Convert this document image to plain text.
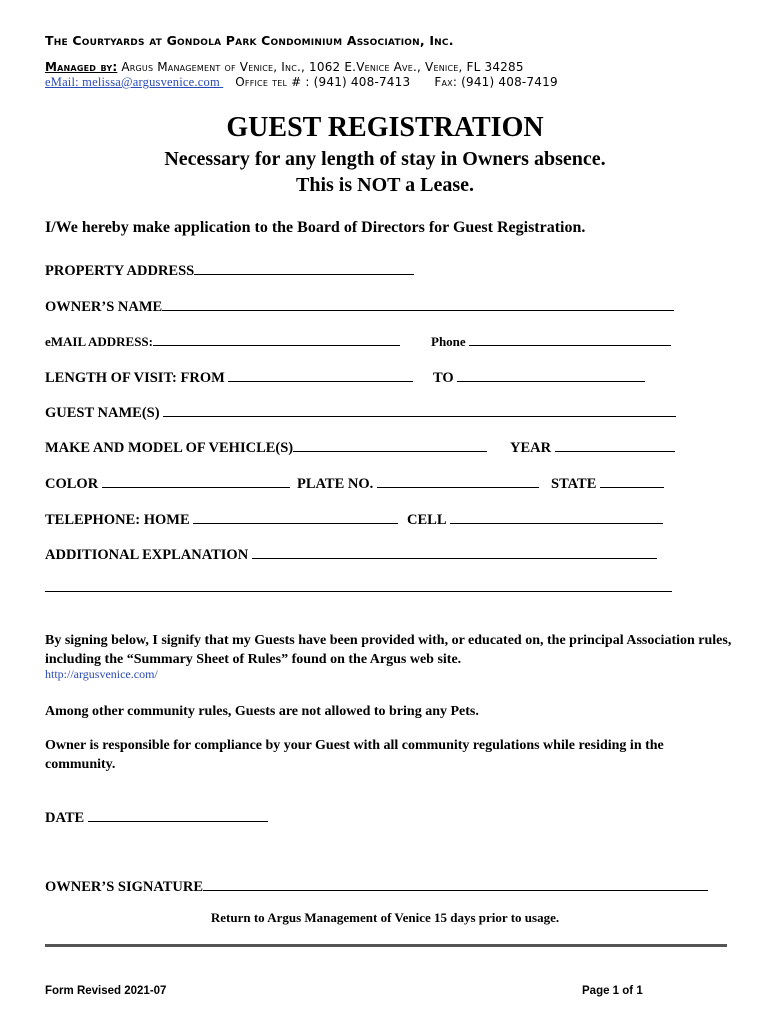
The Courtyards at Gondola Park Condominium Association, Inc.
Managed by: Argus Management of Venice, Inc., 1062 E.Venice Ave., Venice, FL 34285
eMail: melissa@argusvenice.com    Office tel # : (941) 408-7413 Fax: (941) 408-7419
GUEST REGISTRATION
Necessary for any length of stay in Owners absence.
This is NOT a Lease.
I/We hereby make application to the Board of Directors for Guest Registration.
PROPERTY ADDRESS
OWNER’S NAME
eMAIL ADDRESS:	Phone
LENGTH OF VISIT: FROM	TO
GUEST NAME(S)
MAKE AND MODEL OF VEHICLE(S)	YEAR
COLOR	PLATE NO.	STATE
TELEPHONE: HOME	CELL
ADDITIONAL EXPLANATION
By signing below, I signify that my Guests have been provided with, or educated on, the principal Association rules, including the “Summary Sheet of Rules” found on the Argus web site.
http://argusvenice.com/
Among other community rules, Guests are not allowed to bring any Pets.
Owner is responsible for compliance by your Guest with all community regulations while residing in the community.
DATE
OWNER’S SIGNATURE
Return to Argus Management of Venice 15 days prior to usage.
Form Revised 2021-07	Page 1 of 1
